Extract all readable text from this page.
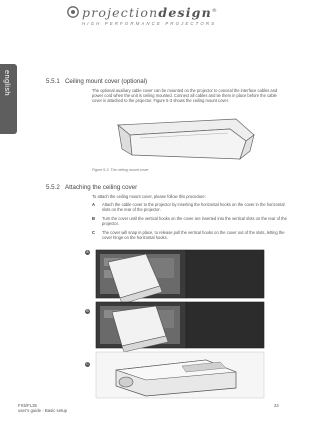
projectiondesign®
HIGH PERFORMANCE PROJECTORS
english	5.5.1 Ceiling mount cover (optional)
The optional auxiliary cable cover can be mounted on the projector to conceal the interface cables and power cord when the unit is ceiling mounted. Connect all cables and tie them in place before the cable cover is attached to the projector. Figure 5-3 shows the ceiling mount cover.
Figure 5-3. The ceiling mount cover
5.5.2 Attaching the ceiling cover
To attach the ceiling mount cover, please follow this procedure:
A Attach the cable cover to the projector by inserting the horizontal hooks on the cover in the horizontal slots on the rear of the projector.
B Turn the cover until the vertical hooks on the cover are inserted into the vertical slots on the rear of the projector.
C The cover will snap in place, to release pull the vertical hooks on the cover out of the slots, letting the cover hinge on the horizontal hooks.
A
B
C
FX5/FL35
user's guide - Basic setup
24
